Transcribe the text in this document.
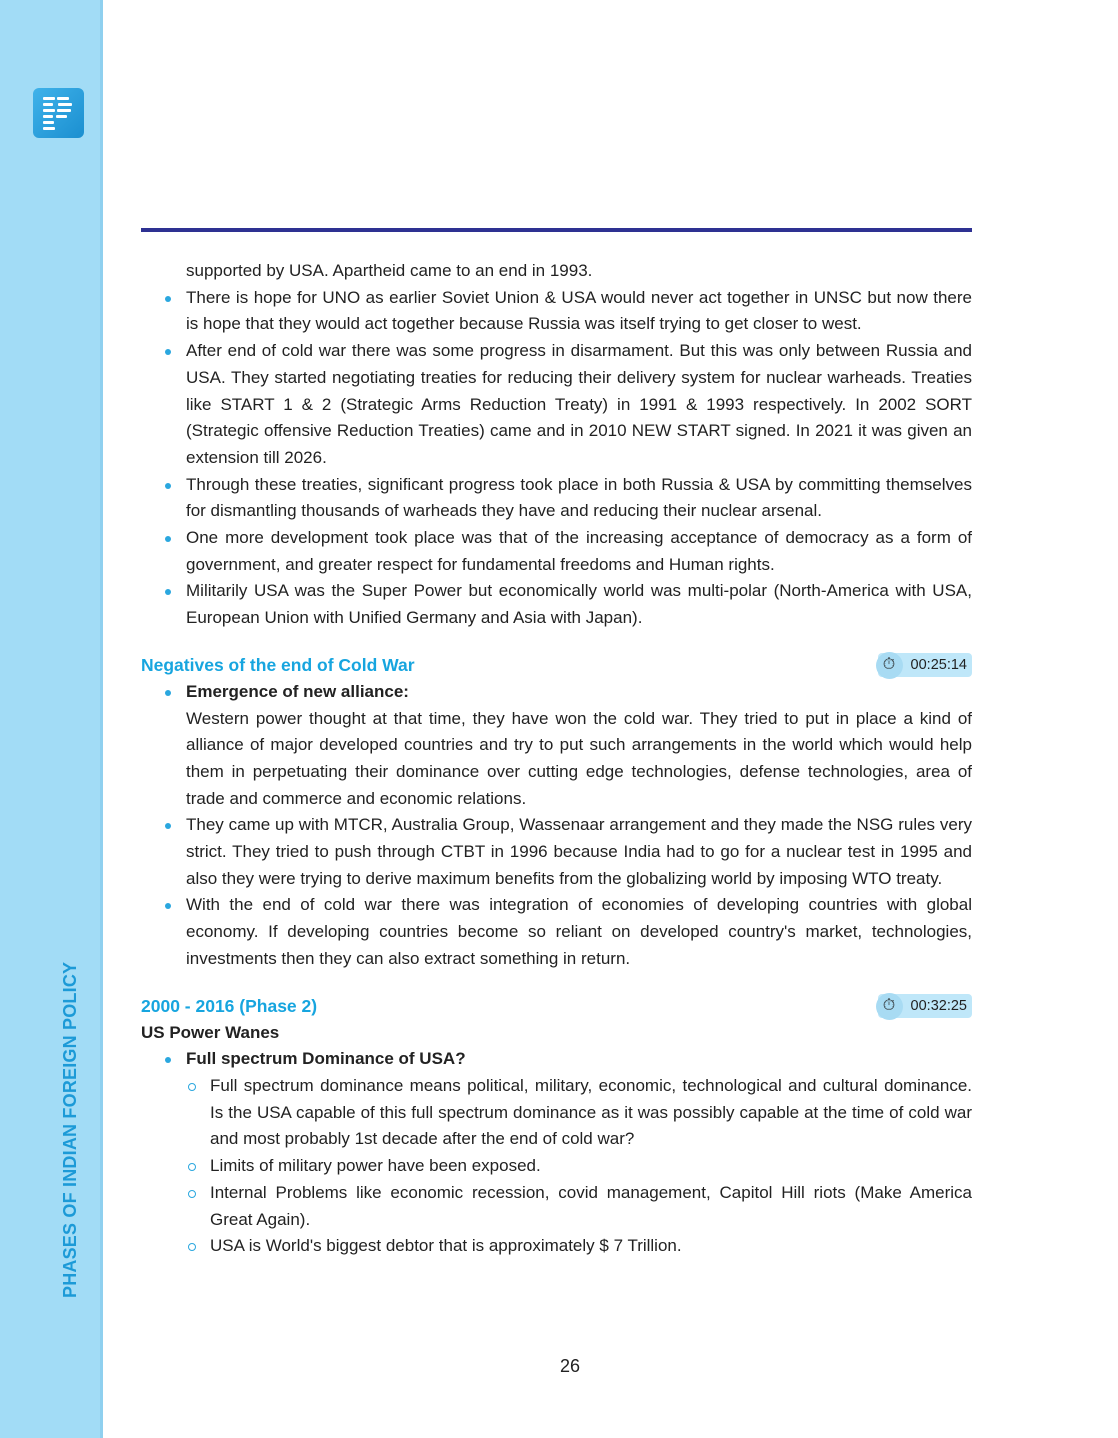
PHASES OF INDIAN FOREIGN POLICY

supported by USA. Apartheid came to an end in 1993.

There is hope for UNO as earlier Soviet Union & USA would never act together in UNSC but now there is hope that they would act together because Russia was itself trying to get closer to west.
After end of cold war there was some progress in disarmament. But this was only between Russia and USA. They started negotiating treaties for reducing their delivery system for nuclear warheads. Treaties like START 1 & 2 (Strategic Arms Reduction Treaty) in 1991 & 1993 respectively. In 2002 SORT (Strategic offensive Reduction Treaties) came and in 2010 NEW START signed. In 2021 it was given an extension till 2026.
Through these treaties, significant progress took place in both Russia & USA by committing themselves for dismantling thousands of warheads they have and reducing their nuclear arsenal.
One more development took place was that of the increasing acceptance of democracy as a form of government, and greater respect for fundamental freedoms and Human rights.
Militarily USA was the Super Power but economically world was multi-polar (North-America with USA, European Union with Unified Germany and Asia with Japan).
Negatives of the end of Cold War	⏱	00:25:14
Emergence of new alliance:
Western power thought at that time, they have won the cold war. They tried to put in place a kind of alliance of major developed countries and try to put such arrangements in the world which would help them in perpetuating their dominance over cutting edge technologies, defense technologies, area of trade and commerce and economic relations.
They came up with MTCR, Australia Group, Wassenaar arrangement and they made the NSG rules very strict. They tried to push through CTBT in 1996 because India had to go for a nuclear test in 1995 and also they were trying to derive maximum benefits from the globalizing world by imposing WTO treaty.
With the end of cold war there was integration of economies of developing countries with global economy. If developing countries become so reliant on developed country's market, technologies, investments then they can also extract something in return.
2000 - 2016 (Phase 2)	⏱	00:32:25

US Power Wanes

Full spectrum Dominance of USA?
Full spectrum dominance means political, military, economic, technological and cultural dominance. Is the USA capable of this full spectrum dominance as it was possibly capable at the time of cold war and most probably 1st decade after the end of cold war?
Limits of military power have been exposed.
Internal Problems like economic recession, covid management, Capitol Hill riots (Make America Great Again).
USA is World's biggest debtor that is approximately $ 7 Trillion.
26
